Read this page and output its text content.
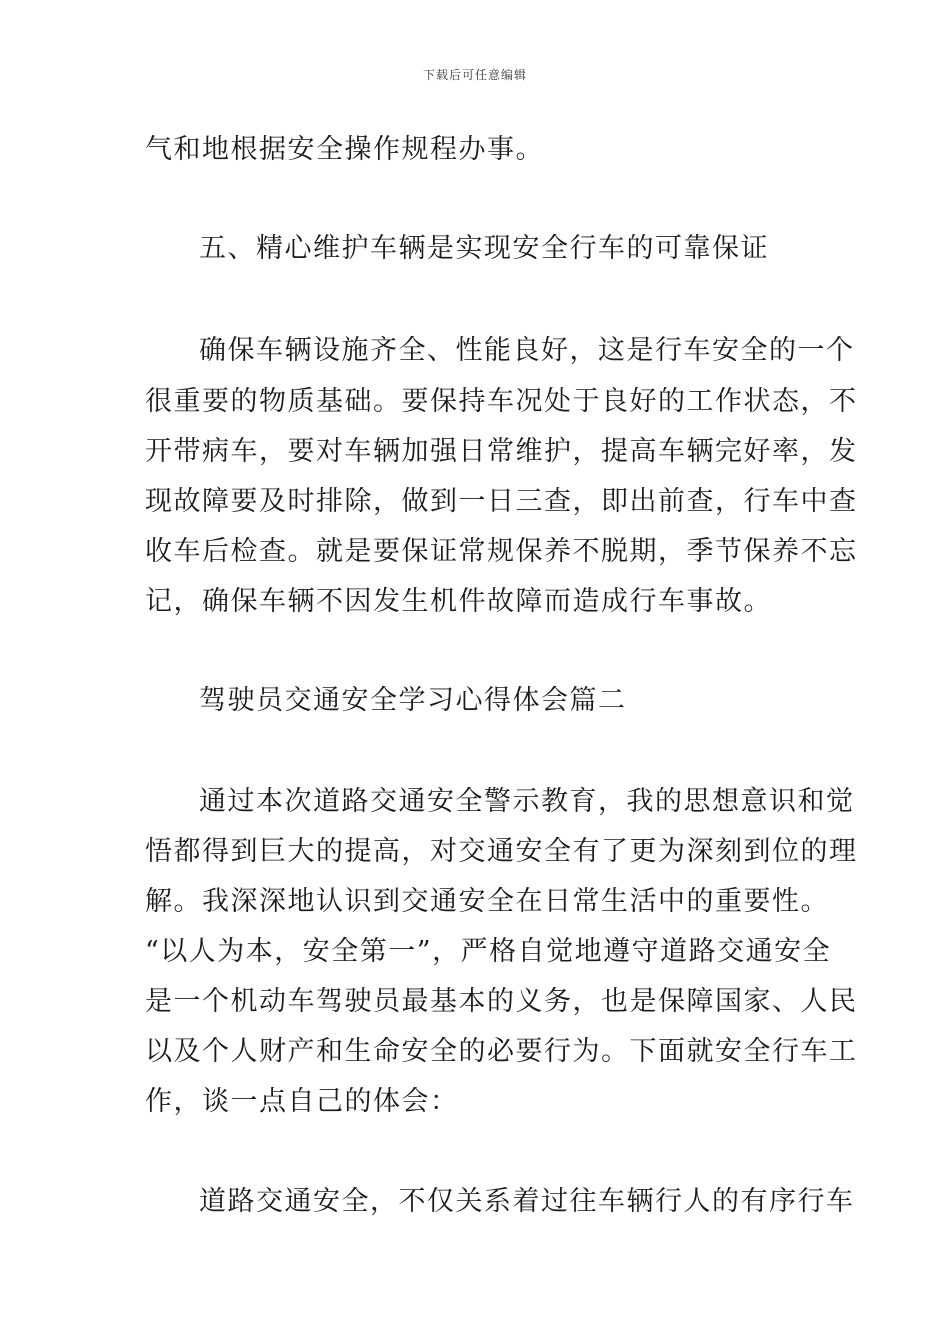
下载后可任意编辑
气和地根据安全操作规程办事。
五、精心维护车辆是实现安全行车的可靠保证
确保车辆设施齐全、性能良好，这是行车安全的一个
很重要的物质基础。要保持车况处于良好的工作状态，不
开带病车，要对车辆加强日常维护，提高车辆完好率，发
现故障要及时排除，做到一日三查，即出前查，行车中查
收车后检查。就是要保证常规保养不脱期，季节保养不忘
记，确保车辆不因发生机件故障而造成行车事故。
驾驶员交通安全学习心得体会篇二
通过本次道路交通安全警示教育，我的思想意识和觉
悟都得到巨大的提高，对交通安全有了更为深刻到位的理
解。我深深地认识到交通安全在日常生活中的重要性。
“以人为本，安全第一”，严格自觉地遵守道路交通安全
是一个机动车驾驶员最基本的义务，也是保障国家、人民
以及个人财产和生命安全的必要行为。下面就安全行车工
作，谈一点自己的体会：
道路交通安全，不仅关系着过往车辆行人的有序行车
